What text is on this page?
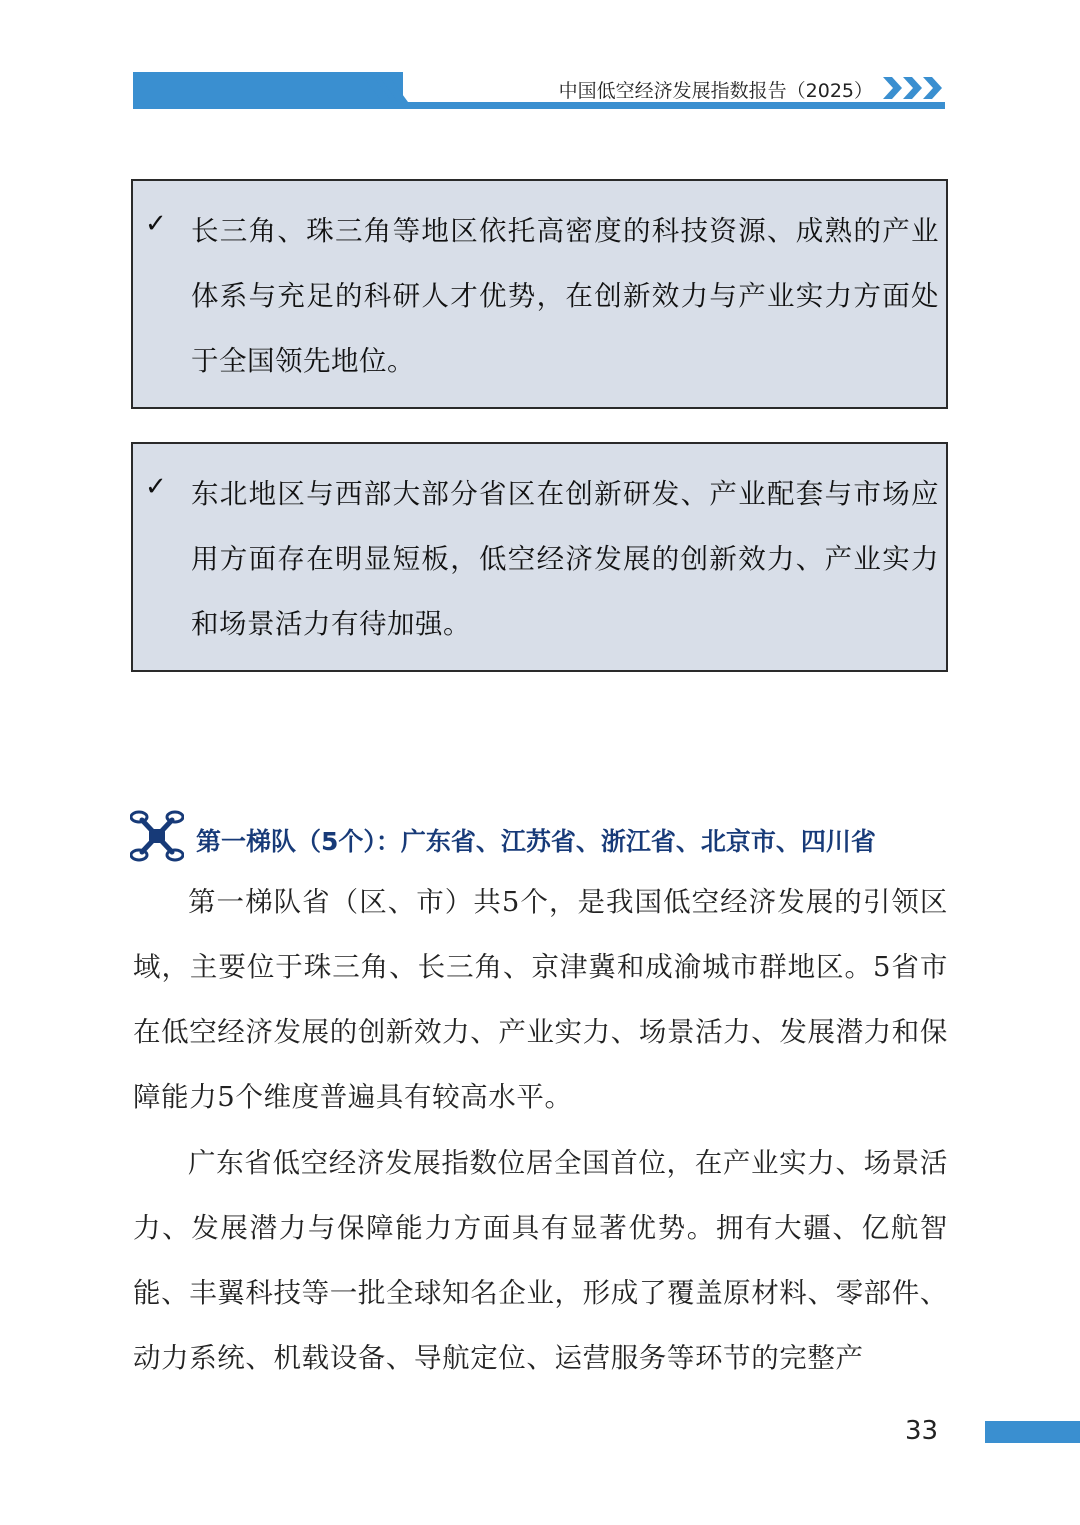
中国低空经济发展指数报告（2025）
✓ 长三角、珠三角等地区依托高密度的科技资源、成熟的产业体系与充足的科研人才优势，在创新效力与产业实力方面处于全国领先地位。
✓ 东北地区与西部大部分省区在创新研发、产业配套与市场应用方面存在明显短板，低空经济发展的创新效力、产业实力和场景活力有待加强。
第一梯队（5个）：广东省、江苏省、浙江省、北京市、四川省

第一梯队省（区、市）共5个，是我国低空经济发展的引领区域，主要位于珠三角、长三角、京津冀和成渝城市群地区。5省市在低空经济发展的创新效力、产业实力、场景活力、发展潜力和保障能力5个维度普遍具有较高水平。

广东省低空经济发展指数位居全国首位，在产业实力、场景活力、发展潜力与保障能力方面具有显著优势。拥有大疆、亿航智能、丰翼科技等一批全球知名企业，形成了覆盖原材料、零部件、动力系统、机载设备、导航定位、运营服务等环节的完整产

33
